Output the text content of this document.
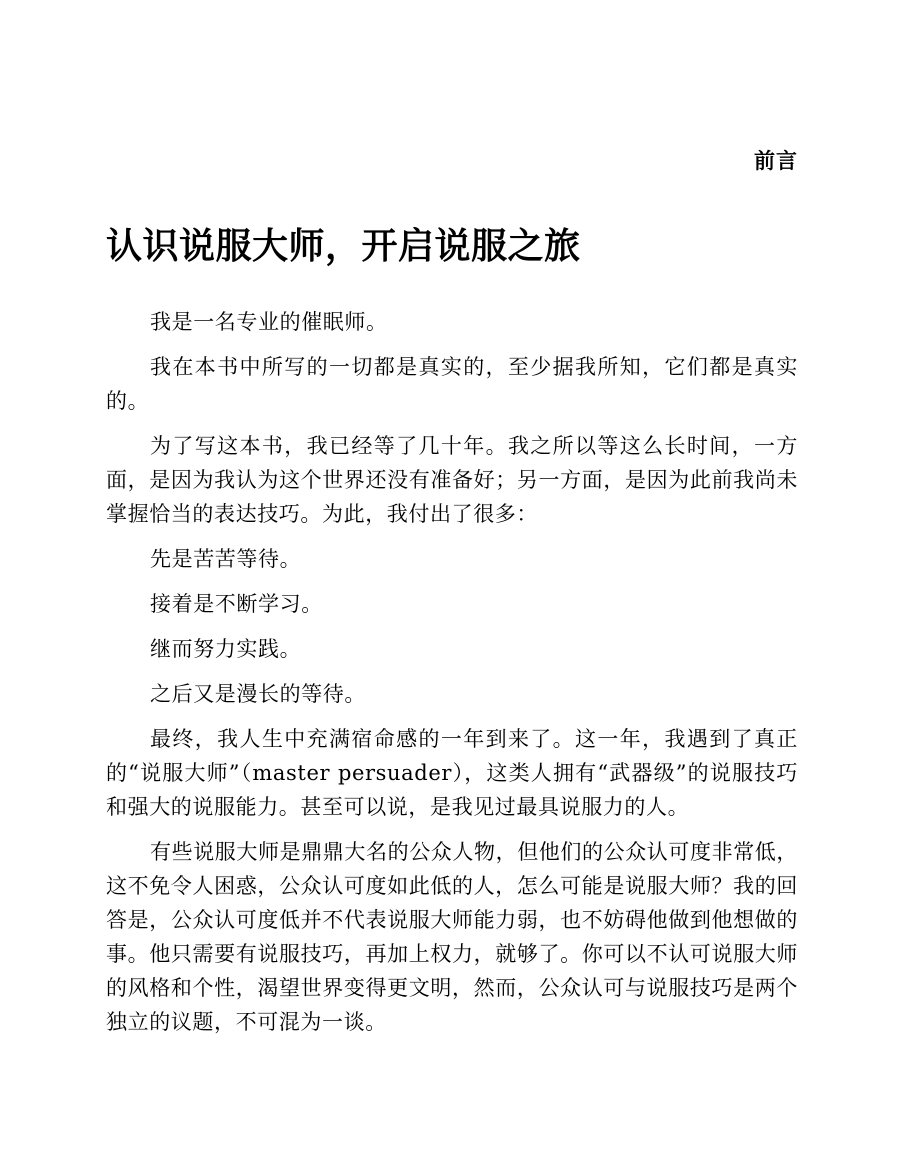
前言
认识说服大师，开启说服之旅

我是一名专业的催眠师。

我在本书中所写的一切都是真实的，至少据我所知，它们都是真实的。

为了写这本书，我已经等了几十年。我之所以等这么长时间，一方面，是因为我认为这个世界还没有准备好；另一方面，是因为此前我尚未掌握恰当的表达技巧。为此，我付出了很多：

先是苦苦等待。

接着是不断学习。

继而努力实践。

之后又是漫长的等待。

最终，我人生中充满宿命感的一年到来了。这一年，我遇到了真正的“说服大师”（master persuader），这类人拥有“武器级”的说服技巧和强大的说服能力。甚至可以说，是我见过最具说服力的人。

有些说服大师是鼎鼎大名的公众人物，但他们的公众认可度非常低，这不免令人困惑，公众认可度如此低的人，怎么可能是说服大师？我的回答是，公众认可度低并不代表说服大师能力弱，也不妨碍他做到他想做的事。他只需要有说服技巧，再加上权力，就够了。你可以不认可说服大师的风格和个性，渴望世界变得更文明，然而，公众认可与说服技巧是两个独立的议题，不可混为一谈。
